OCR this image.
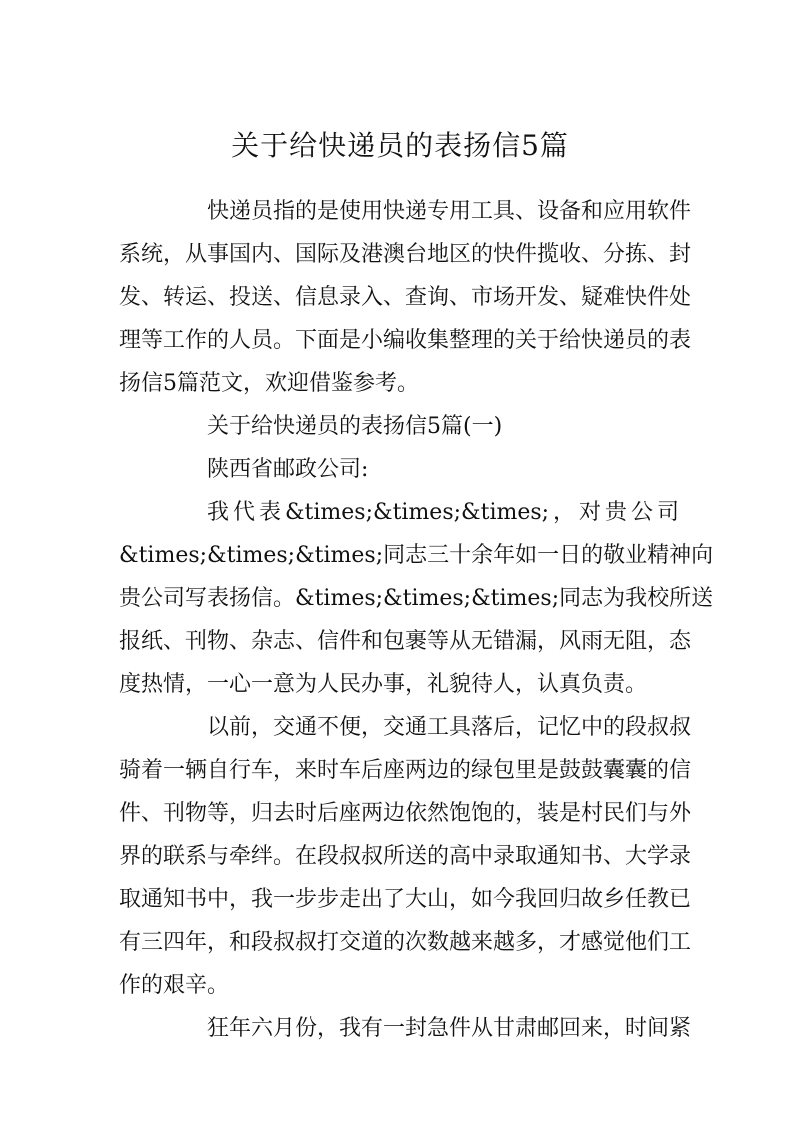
关于给快递员的表扬信5篇

快递员指的是使用快递专用工具、设备和应用软件

系统，从事国内、国际及港澳台地区的快件揽收、分拣、封

发、转运、投送、信息录入、查询、市场开发、疑难快件处

理等工作的人员。下面是小编收集整理的关于给快递员的表

扬信5篇范文，欢迎借鉴参考。

关于给快递员的表扬信5篇(一)

陕西省邮政公司:

我代表&times;&times;&times;，对贵公司

&times;&times;&times;同志三十余年如一日的敬业精神向

贵公司写表扬信。&times;&times;&times;同志为我校所送

报纸、刊物、杂志、信件和包裹等从无错漏，风雨无阻，态

度热情，一心一意为人民办事，礼貌待人，认真负责。

以前，交通不便，交通工具落后，记忆中的段叔叔

骑着一辆自行车，来时车后座两边的绿包里是鼓鼓囊囊的信

件、刊物等，归去时后座两边依然饱饱的，装是村民们与外

界的联系与牵绊。在段叔叔所送的高中录取通知书、大学录

取通知书中，我一步步走出了大山，如今我回归故乡任教已

有三四年，和段叔叔打交道的次数越来越多，才感觉他们工

作的艰辛。

狂年六月份，我有一封急件从甘肃邮回来，时间紧
